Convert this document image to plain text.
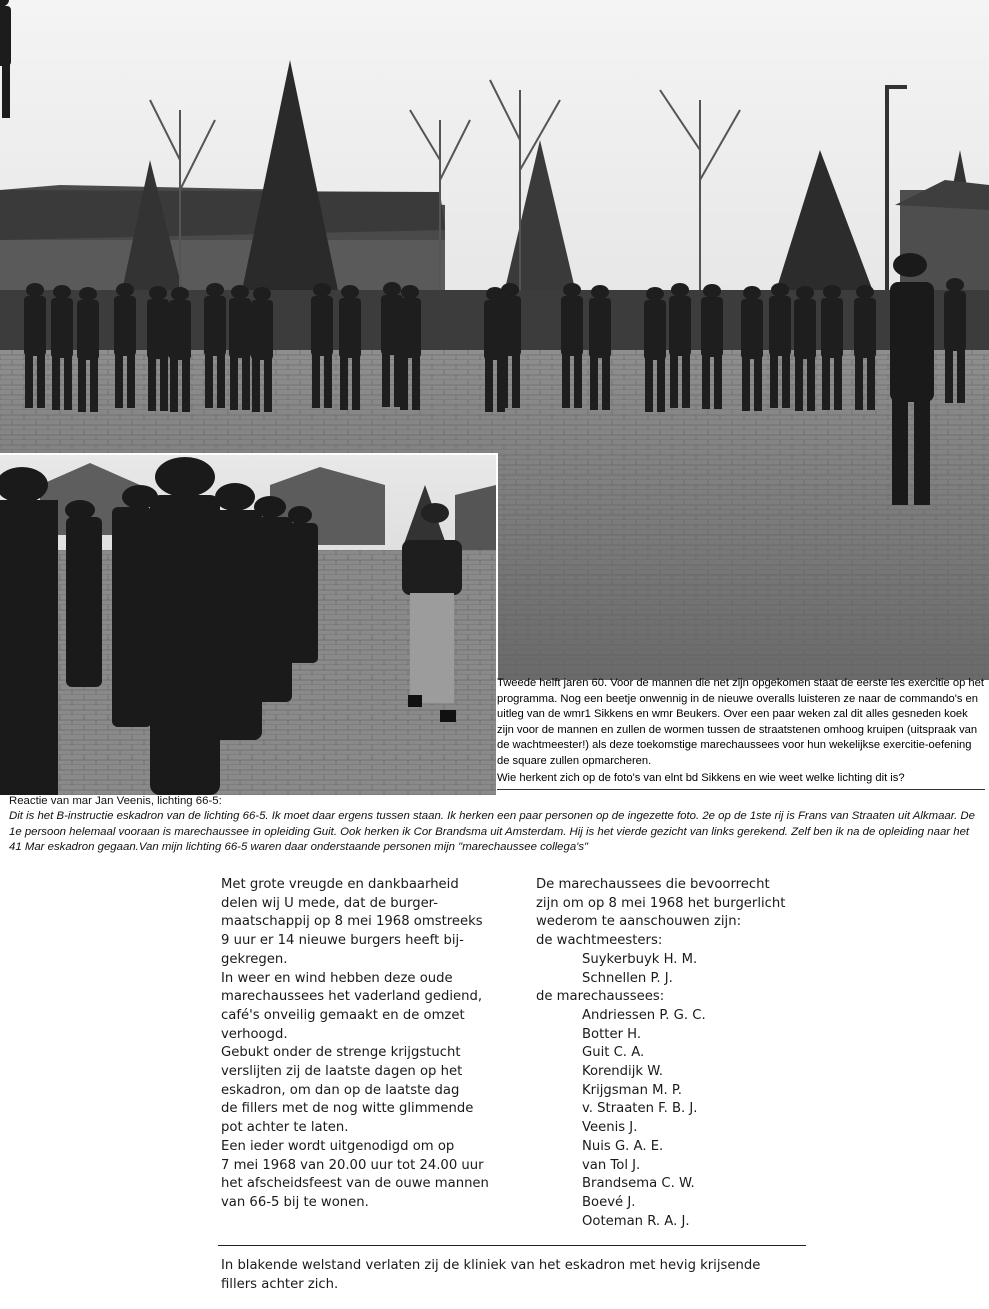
Tweede helft jaren 60. Voor de mannen die net zijn opgekomen staat de eerste les exercitie op het programma. Nog een beetje onwennig in de nieuwe overalls luisteren ze naar de commando's en uitleg van de wmr1 Sikkens en wmr Beukers. Over een paar weken zal dit alles gesneden koek zijn voor de mannen en zullen de wormen tussen de straatstenen omhoog kruipen (uitspraak van de wachtmeester!) als deze toekomstige marechaussees voor hun wekelijkse exercitie-oefening de square zullen opmarcheren.

Wie herkent zich op de foto's van elnt bd Sikkens en wie weet welke lichting dit is?

Reactie van mar Jan Veenis, lichting 66-5:

Dit is het B-instructie eskadron van de lichting 66-5. Ik moet daar ergens tussen staan. Ik herken een paar personen op de ingezette foto. 2e op de 1ste rij is Frans van Straaten uit Alkmaar. De 1e persoon helemaal vooraan is marechaussee in opleiding Guit. Ook herken ik Cor Brandsma uit Amsterdam. Hij is het vierde gezicht van links gerekend. Zelf ben ik na de opleiding naar het 41 Mar eskadron gegaan.Van mijn lichting 66-5 waren daar onderstaande personen mijn "marechaussee collega's"

Met grote vreugde en dankbaarheid

delen wij U mede, dat de burger-

maatschappij op 8 mei 1968 omstreeks

9 uur er 14 nieuwe burgers heeft bij-

gekregen.

In weer en wind hebben deze oude

marechaussees het vaderland gediend,

café's onveilig gemaakt en de omzet

verhoogd.

Gebukt onder de strenge krijgstucht

verslijten zij de laatste dagen op het

eskadron, om dan op de laatste dag

de fillers met de nog witte glimmende

pot achter te laten.

Een ieder wordt uitgenodigd om op

7 mei 1968 van 20.00 uur tot 24.00 uur

het afscheidsfeest van de ouwe mannen

van 66-5 bij te wonen.

De marechaussees die bevoorrecht

zijn om op 8 mei 1968 het burgerlicht

wederom te aanschouwen zijn:

de wachtmeesters:

Suykerbuyk H. M.

Schnellen P. J.

de marechaussees:

Andriessen P. G. C.

Botter H.

Guit C. A.

Korendijk W.

Krijgsman M. P.

v. Straaten F. B. J.

Veenis J.

Nuis G. A. E.

van Tol J.

Brandsema C. W.

Boevé J.

Ooteman R. A. J.

In blakende welstand verlaten zij de kliniek van het eskadron met hevig krijsende

fillers achter zich.
